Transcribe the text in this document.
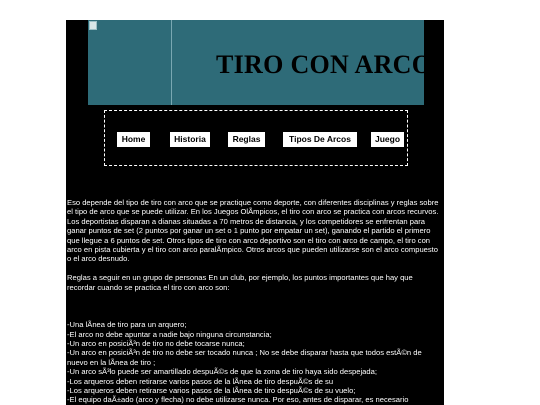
TIRO CON ARCO
Home	Historia	Reglas	Tipos De Arcos	Juego

Eso depende del tipo de tiro con arco que se practique como deporte, con diferentes disciplinas y reglas sobre el tipo de arco que se puede utilizar. En los Juegos OlÃmpicos, el tiro con arco se practica con arcos recurvos. Los deportistas disparan a dianas situadas a 70 metros de distancia, y los competidores se enfrentan para ganar puntos de set (2 puntos por ganar un set o 1 punto por empatar un set), ganando el partido el primero que llegue a 6 puntos de set. Otros tipos de tiro con arco deportivo son el tiro con arco de campo, el tiro con arco en pista cubierta y el tiro con arco paralÃmpico. Otros arcos que pueden utilizarse son el arco compuesto o el arco desnudo.

Reglas a seguir en un grupo de personas En un club, por ejemplo, los puntos importantes que hay que recordar cuando se practica el tiro con arco son:

-Una lÃnea de tiro para un arquero;
-El arco no debe apuntar a nadie bajo ninguna circunstancia;
-Un arco en posiciÃ³n de tiro no debe tocarse nunca;
-Un arco en posiciÃ³n de tiro no debe ser tocado nunca ; No se debe disparar hasta que todos estÃ©n de nuevo en la lÃnea de tiro ;
-Un arco sÃ³lo puede ser amartillado despuÃ©s de que la zona de tiro haya sido despejada;
-Los arqueros deben retirarse varios pasos de la lÃnea de tiro despuÃ©s de su
-Los arqueros deben retirarse varios pasos de la lÃnea de tiro despuÃ©s de su vuelo;
-El equipo daÃ±ado (arco y flecha) no debe utilizarse nunca. Por eso, antes de disparar, es necesario
